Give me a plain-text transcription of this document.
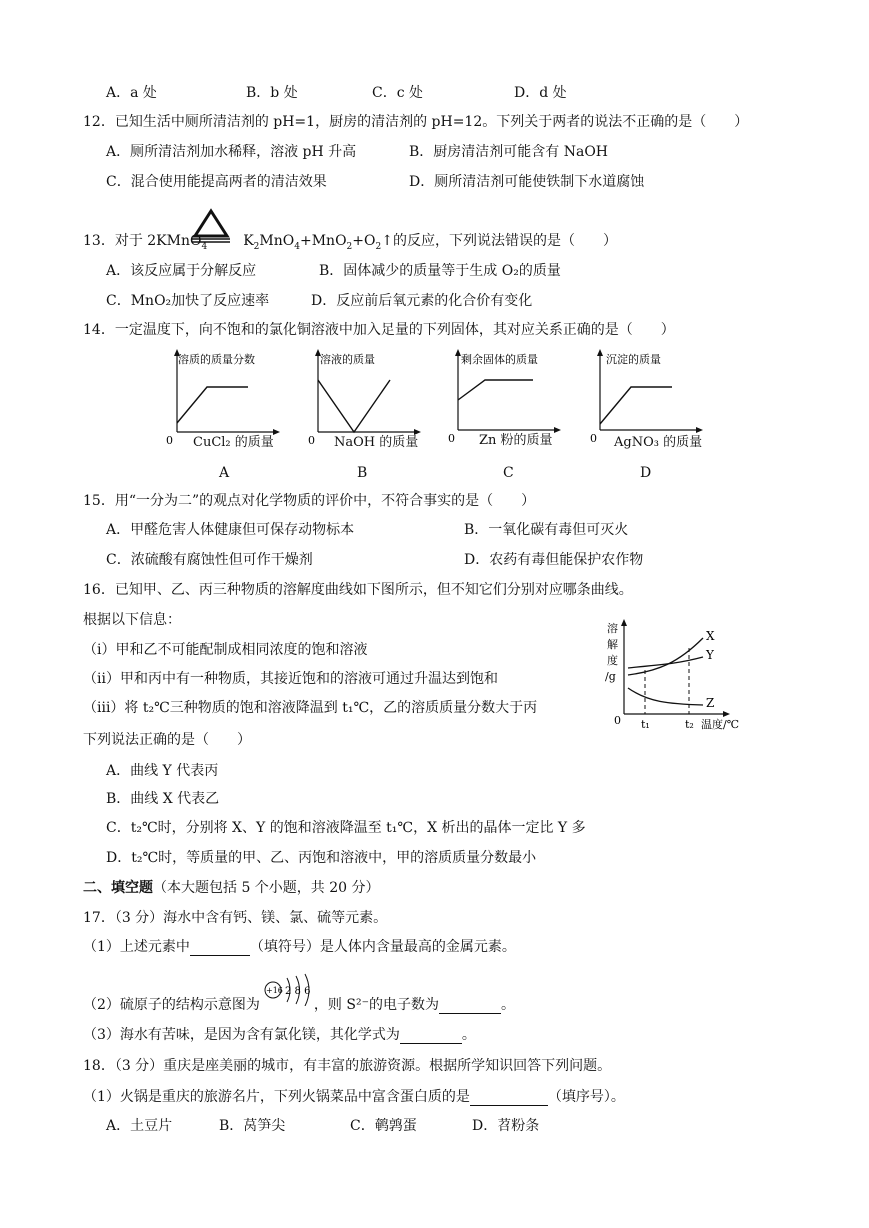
A．a 处	B．b 处	C．c 处	D．d 处
12．已知生活中厕所清洁剂的 pH=1，厨房的清洁剂的 pH=12。下列关于两者的说法不正确的是（　　）
A．厕所清洁剂加水稀释，溶液 pH 升高	B．厨房清洁剂可能含有 NaOH
C．混合使用能提高两者的清洁效果	D．厕所清洁剂可能使铁制下水道腐蚀
13．对于 2KMnO$_4$	$K_2MnO_4+MnO_2+O_2↑$的反应，下列说法错误的是（　　）
A．该反应属于分解反应	B．固体减少的质量等于生成 O₂的质量
C．MnO₂加快了反应速率	D．反应前后氧元素的化合价有变化
14．一定温度下，向不饱和的氯化铜溶液中加入足量的下列固体，其对应关系正确的是（　　）
溶质的质量分数
0 CuCl₂ 的质量
A
溶液的质量
0 NaOH 的质量
B
剩余固体的质量
0 Zn 粉的质量
C
沉淀的质量
0 AgNO₃ 的质量
D
15．用“一分为二”的观点对化学物质的评价中，不符合事实的是（　　）
A．甲醛危害人体健康但可保存动物标本	B．一氧化碳有毒但可灭火
C．浓硫酸有腐蚀性但可作干燥剂	D．农药有毒但能保护农作物
16．已知甲、乙、丙三种物质的溶解度曲线如下图所示，但不知它们分别对应哪条曲线。
根据以下信息：
（ⅰ）甲和乙不可能配制成相同浓度的饱和溶液
（ⅱ）甲和丙中有一种物质，其接近饱和的溶液可通过升温达到饱和
（ⅲ）将 t₂℃三种物质的饱和溶液降温到 t₁℃，乙的溶质质量分数大于丙
下列说法正确的是（　　）
A．曲线 Y 代表丙
B．曲线 X 代表乙
C．t₂℃时，分别将 X、Y 的饱和溶液降温至 t₁℃，X 析出的晶体一定比 Y 多
D．t₂℃时，等质量的甲、乙、丙饱和溶液中，甲的溶质质量分数最小
溶
解
度
/g
0 t₁	t₂ 温度/℃
X
Y
Z
二、填空题（本大题包括 5 个小题，共 20 分）
17．（3 分）海水中含有钙、镁、氯、硫等元素。
（1）上述元素中	（填符号）是人体内含量最高的金属元素。
+16 2 8 6
（2）硫原子的结构示意图为	，则 S²⁻的电子数为	。
（3）海水有苦味，是因为含有氯化镁，其化学式为	。
18．（3 分）重庆是座美丽的城市，有丰富的旅游资源。根据所学知识回答下列问题。
（1）火锅是重庆的旅游名片，下列火锅菜品中富含蛋白质的是	（填序号）。
A．土豆片	B．莴笋尖	C．鹌鹑蛋	D．苕粉条
